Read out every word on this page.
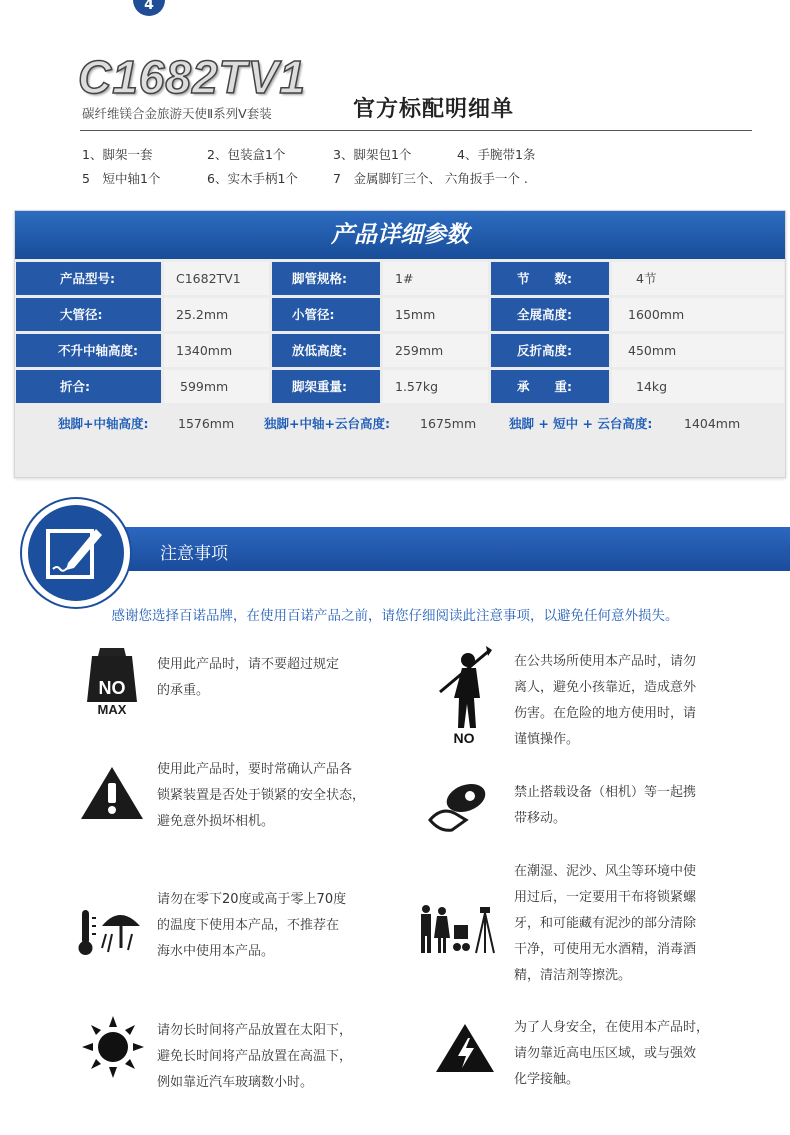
4
C1682TV1
碳纤维镁合金旅游天使Ⅱ系列V套装	官方标配明细单
1、脚架一套	2、包装盒1个	3、脚架包1个	4、手腕带1条
5　短中轴1个	6、实木手柄1个	7　金属脚钉三个、 六角扳手一个 .
产品详细参数
产品型号:	C1682TV1	脚管规格:	1#	节　　数:	4节
大管径:	25.2mm	小管径:	15mm	全展高度:	1600mm
不升中轴高度:	1340mm	放低高度:	259mm	反折高度:	450mm
折合:	599mm	脚架重量:	1.57kg	承　　重:	14kg
独脚+中轴高度: 1576mm 独脚+中轴+云台高度: 1675mm	独脚 + 短中 + 云台高度:	1404mm
注意事项
感谢您选择百诺品牌，在使用百诺产品之前，请您仔细阅读此注意事项，以避免任何意外损失。
NO
MAX
NO
使用此产品时，请不要超过规定
的承重。
在公共场所使用本产品时，请勿
离人，避免小孩靠近，造成意外
伤害。在危险的地方使用时，请
谨慎操作。
使用此产品时，要时常确认产品各
锁紧装置是否处于锁紧的安全状态，
避免意外损坏相机。
禁止搭载设备（相机）等一起携
带移动。
请勿在零下20度或高于零上70度
的温度下使用本产品，不推荐在
海水中使用本产品。
在潮湿、泥沙、风尘等环境中使
用过后，一定要用干布将锁紧螺
牙，和可能藏有泥沙的部分清除
干净，可使用无水酒精，消毒酒
精，清洁剂等擦洗。
请勿长时间将产品放置在太阳下，
避免长时间将产品放置在高温下，
例如靠近汽车玻璃数小时。
为了人身安全，在使用本产品时，
请勿靠近高电压区域，或与强效
化学接触。
